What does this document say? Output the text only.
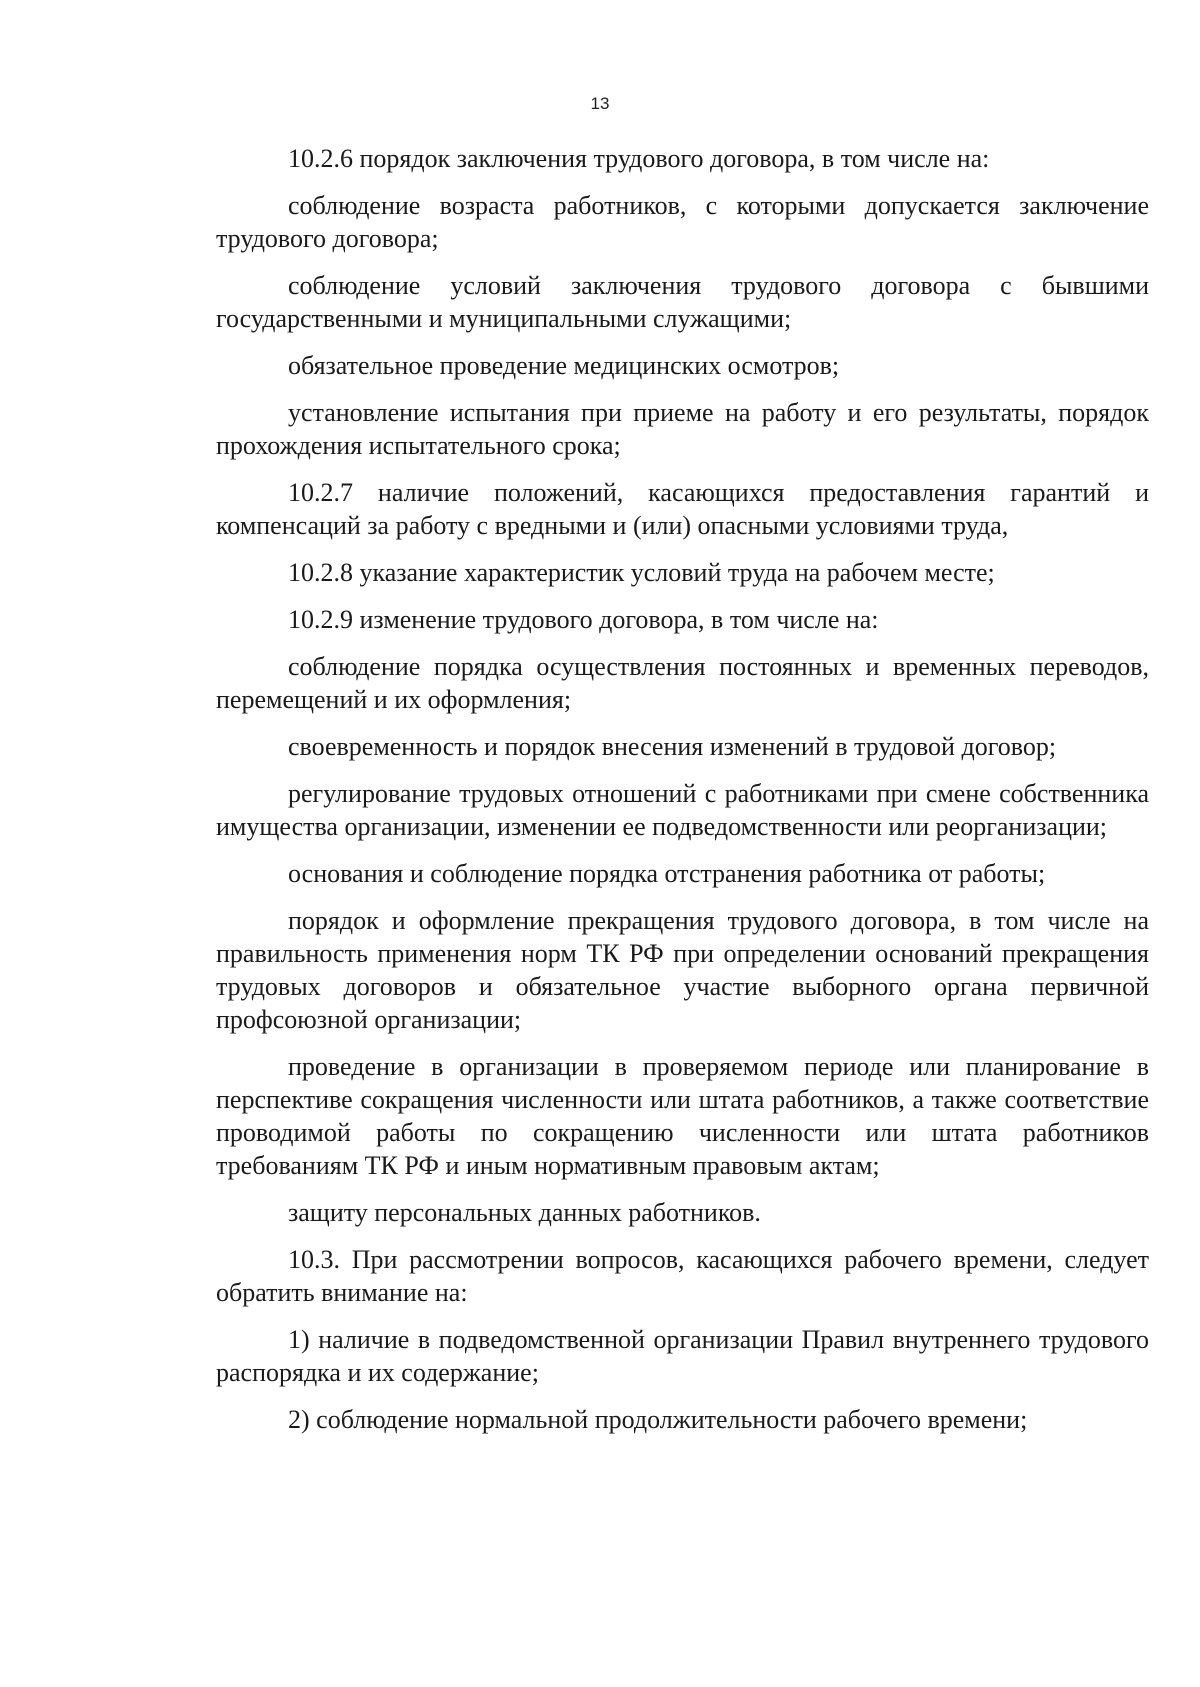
13

10.2.6 порядок заключения трудового договора, в том числе на:

соблюдение возраста работников, с которыми допускается заключение трудового договора;

соблюдение условий заключения трудового договора с бывшими государственными и муниципальными служащими;

обязательное проведение медицинских осмотров;

установление испытания при приеме на работу и его результаты, порядок прохождения испытательного срока;

10.2.7 наличие положений, касающихся предоставления гарантий и компенсаций за работу с вредными и (или) опасными условиями труда,

10.2.8 указание характеристик условий труда на рабочем месте;

10.2.9 изменение трудового договора, в том числе на:

соблюдение порядка осуществления постоянных и временных переводов, перемещений и их оформления;

своевременность и порядок внесения изменений в трудовой договор;

регулирование трудовых отношений с работниками при смене собственника имущества организации, изменении ее подведомственности или реорганизации;

основания и соблюдение порядка отстранения работника от работы;

порядок и оформление прекращения трудового договора, в том числе на правильность применения норм ТК РФ при определении оснований прекращения трудовых договоров и обязательное участие выборного органа первичной профсоюзной организации;

проведение в организации в проверяемом периоде или планирование в перспективе сокращения численности или штата работников, а также соответствие проводимой работы по сокращению численности или штата работников требованиям ТК РФ и иным нормативным правовым актам;

защиту персональных данных работников.

10.3. При рассмотрении вопросов, касающихся рабочего времени, следует обратить внимание на:

1) наличие в подведомственной организации Правил внутреннего трудового распорядка и их содержание;

2) соблюдение нормальной продолжительности рабочего времени;
